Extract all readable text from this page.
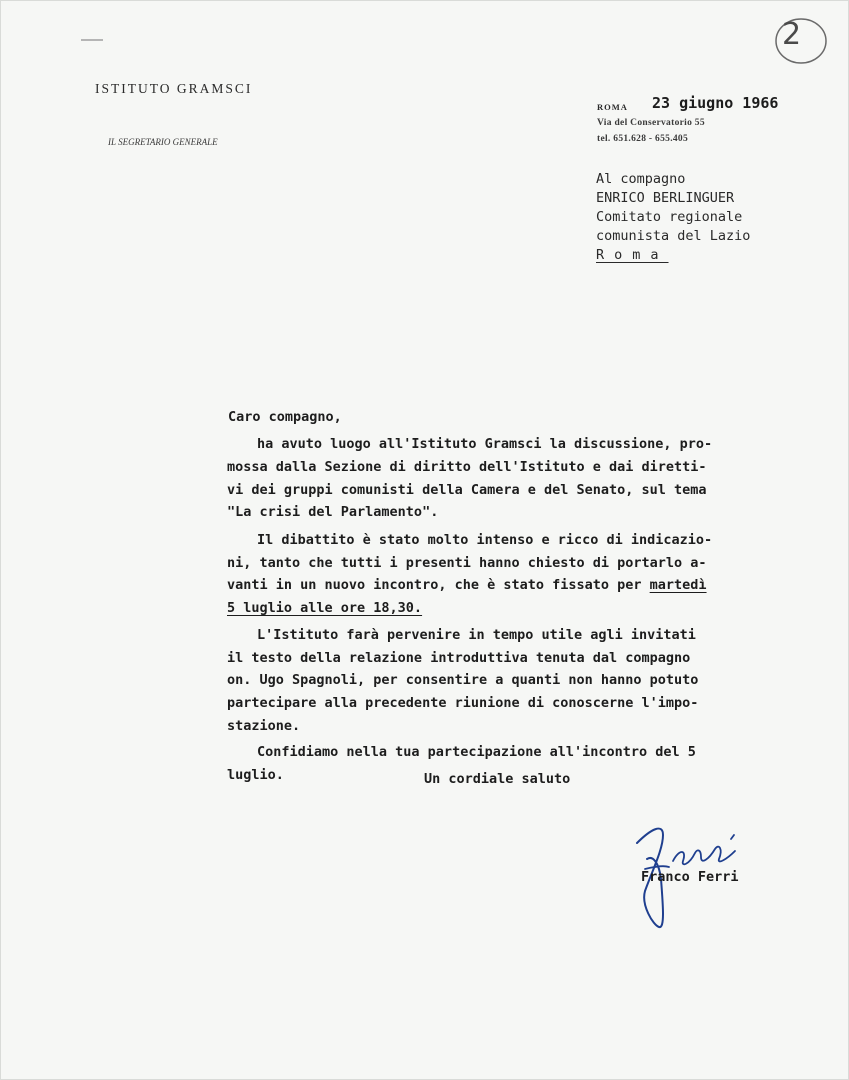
2
ISTITUTO GRAMSCI
IL SEGRETARIO GENERALE
ROMA 23 giugno 1966
Via del Conservatorio 55
tel. 651.628 - 655.405
Al compagno
ENRICO BERLINGUER
Comitato regionale
comunista del Lazio
Roma
Caro compagno,
ha avuto luogo all'Istituto Gramsci la discussione, pro-
mossa dalla Sezione di diritto dell'Istituto e dai diretti-
vi dei gruppi comunisti della Camera e del Senato, sul tema
"La crisi del Parlamento".
Il dibattito è stato molto intenso e ricco di indicazio-
ni, tanto che tutti i presenti hanno chiesto di portarlo a-
vanti in un nuovo incontro, che è stato fissato per martedì
5 luglio alle ore 18,30.
L'Istituto farà pervenire in tempo utile agli invitati
il testo della relazione introduttiva tenuta dal compagno
on. Ugo Spagnoli, per consentire a quanti non hanno potuto
partecipare alla precedente riunione di conoscerne l'impo-
stazione.
Confidiamo nella tua partecipazione all'incontro del 5
luglio.	Un cordiale saluto
Franco Ferri
